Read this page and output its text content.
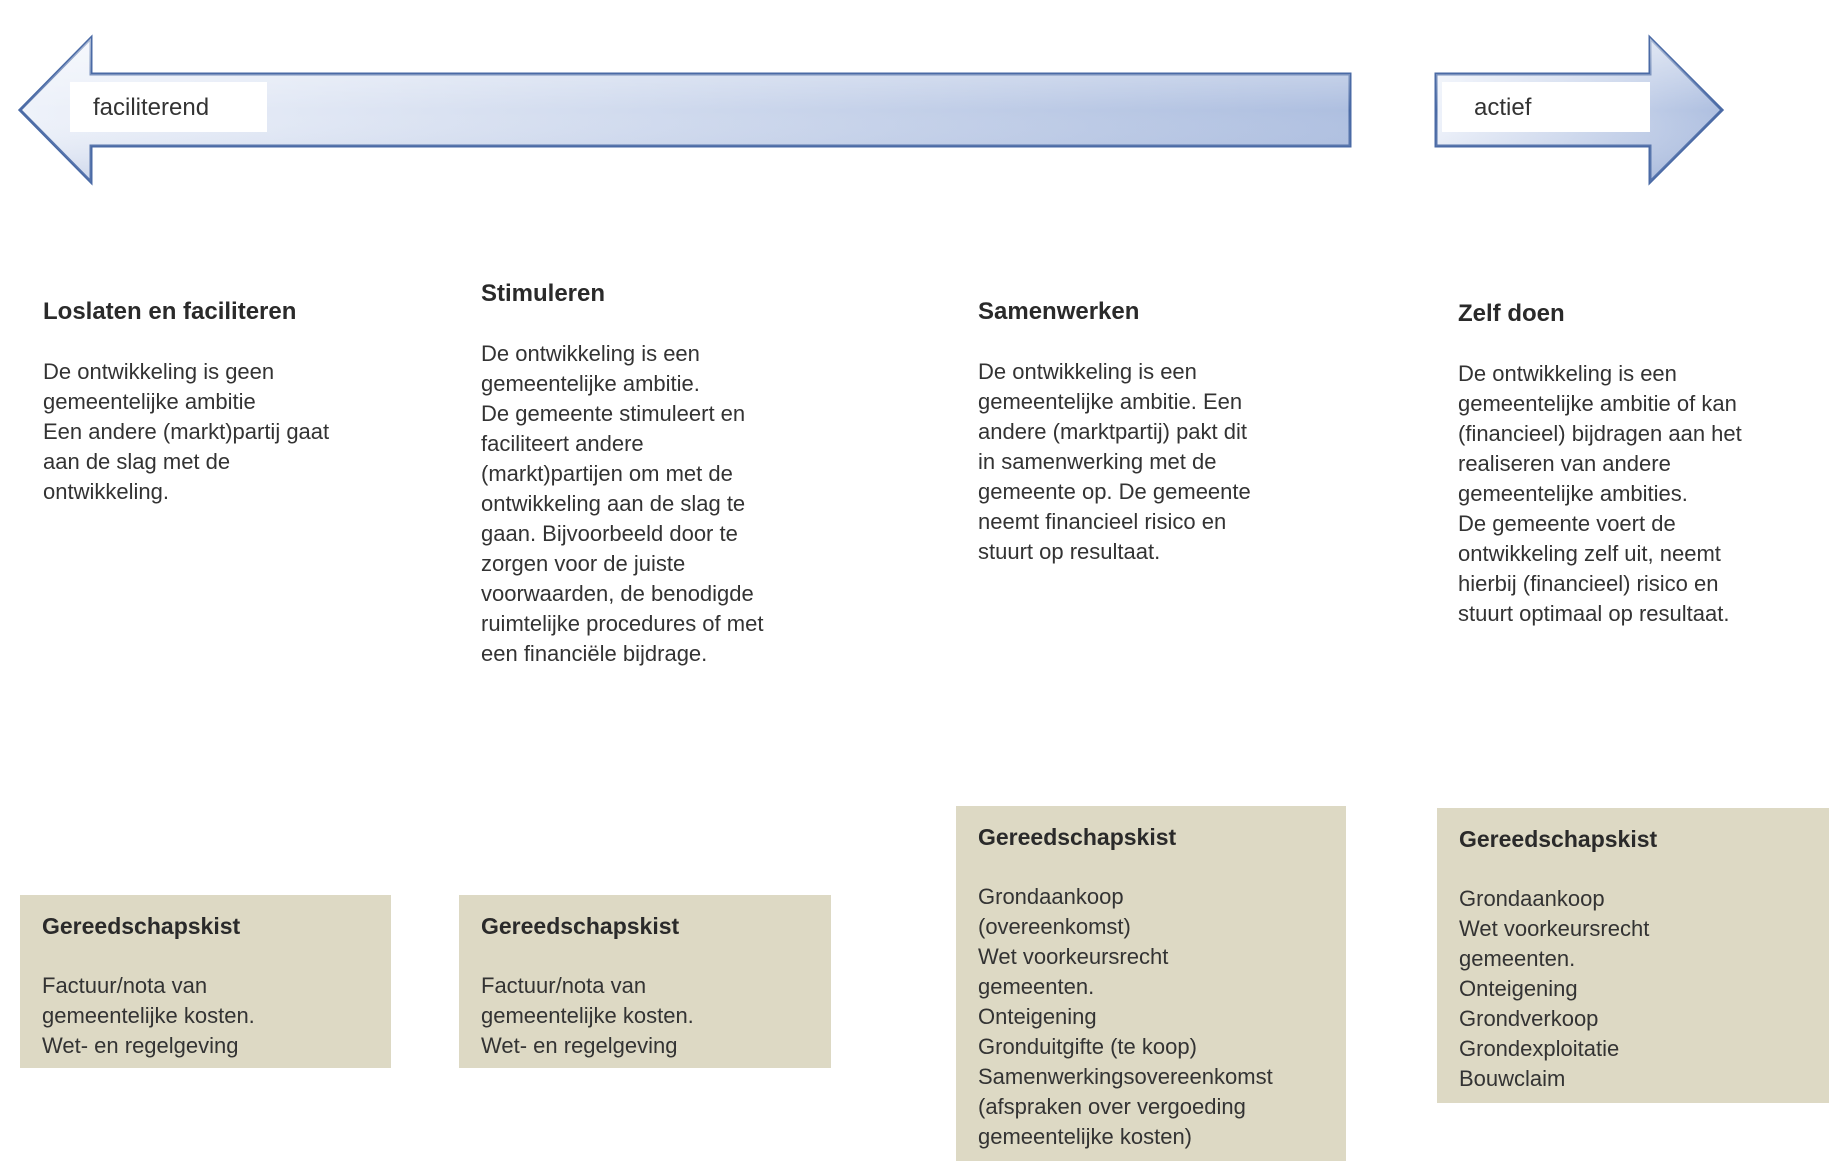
faciliterend	actief
Loslaten en faciliteren
De ontwikkeling is geen
gemeentelijke ambitie
Een andere (markt)partij gaat
aan de slag met de
ontwikkeling.
Stimuleren
De ontwikkeling is een
gemeentelijke ambitie.
De gemeente stimuleert en
faciliteert andere
(markt)partijen om met de
ontwikkeling aan de slag te
gaan. Bijvoorbeeld door te
zorgen voor de juiste
voorwaarden, de benodigde
ruimtelijke procedures of met
een financiële bijdrage.
Samenwerken
De ontwikkeling is een
gemeentelijke ambitie. Een
andere (marktpartij) pakt dit
in samenwerking met de
gemeente op. De gemeente
neemt financieel risico en
stuurt op resultaat.
Zelf doen
De ontwikkeling is een
gemeentelijke ambitie of kan
(financieel) bijdragen aan het
realiseren van andere
gemeentelijke ambities.
De gemeente voert de
ontwikkeling zelf uit, neemt
hierbij (financieel) risico en
stuurt optimaal op resultaat.
Gereedschapskist
Factuur/nota van
gemeentelijke kosten.
Wet- en regelgeving
Gereedschapskist
Factuur/nota van
gemeentelijke kosten.
Wet- en regelgeving
Gereedschapskist
Grondaankoop
(overeenkomst)
Wet voorkeursrecht
gemeenten.
Onteigening
Gronduitgifte (te koop)
Samenwerkingsovereenkomst
(afspraken over vergoeding
gemeentelijke kosten)
Gereedschapskist
Grondaankoop
Wet voorkeursrecht
gemeenten.
Onteigening
Grondverkoop
Grondexploitatie
Bouwclaim
